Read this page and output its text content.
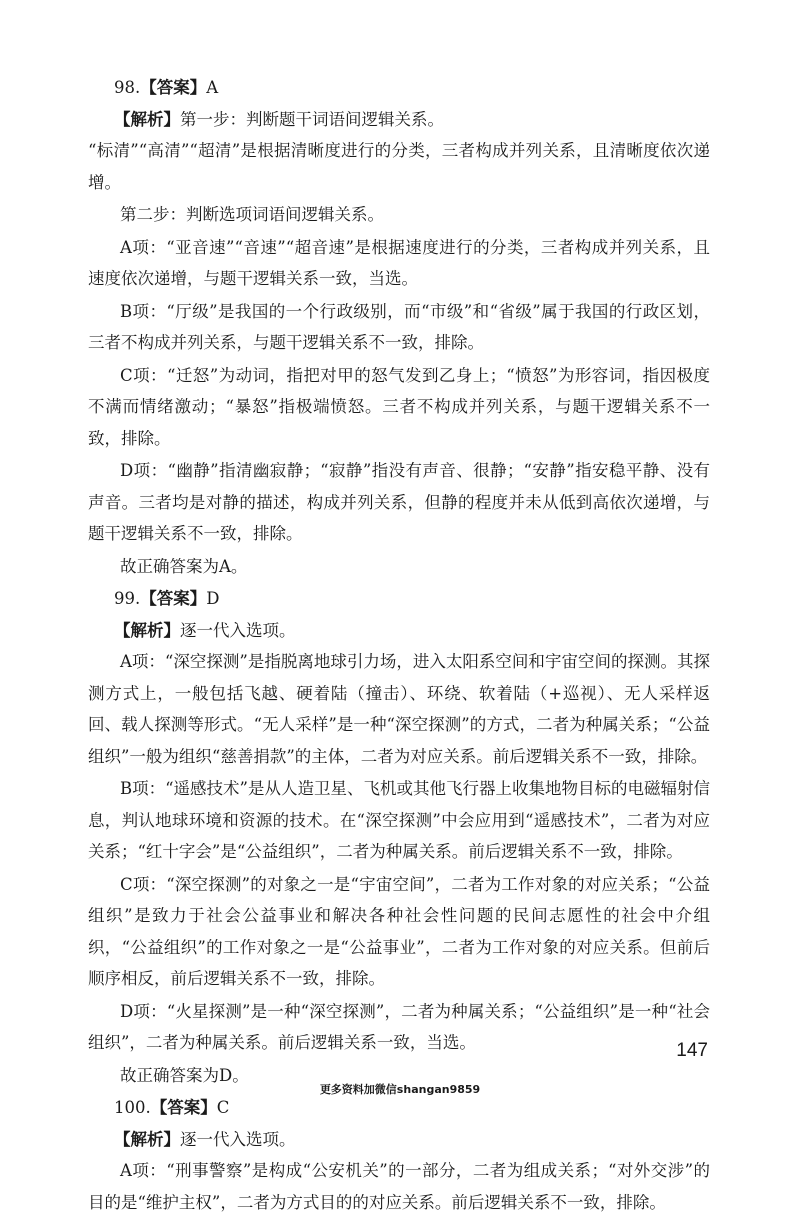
98.【答案】A

【解析】第一步：判断题干词语间逻辑关系。

“标清”“高清”“超清”是根据清晰度进行的分类，三者构成并列关系，且清晰度依次递增。

第二步：判断选项词语间逻辑关系。

A项：“亚音速”“音速”“超音速”是根据速度进行的分类，三者构成并列关系，且速度依次递增，与题干逻辑关系一致，当选。

B项：“厅级”是我国的一个行政级别，而“市级”和“省级”属于我国的行政区划，三者不构成并列关系，与题干逻辑关系不一致，排除。

C项：“迁怒”为动词，指把对甲的怒气发到乙身上；“愤怒”为形容词，指因极度不满而情绪激动；“暴怒”指极端愤怒。三者不构成并列关系，与题干逻辑关系不一致，排除。

D项：“幽静”指清幽寂静；“寂静”指没有声音、很静；“安静”指安稳平静、没有声音。三者均是对静的描述，构成并列关系，但静的程度并未从低到高依次递增，与题干逻辑关系不一致，排除。

故正确答案为A。

99.【答案】D

【解析】逐一代入选项。

A项：“深空探测”是指脱离地球引力场，进入太阳系空间和宇宙空间的探测。其探测方式上，一般包括飞越、硬着陆（撞击）、环绕、软着陆（+巡视）、无人采样返回、载人探测等形式。“无人采样”是一种“深空探测”的方式，二者为种属关系；“公益组织”一般为组织“慈善捐款”的主体，二者为对应关系。前后逻辑关系不一致，排除。

B项：“遥感技术”是从人造卫星、飞机或其他飞行器上收集地物目标的电磁辐射信息，判认地球环境和资源的技术。在“深空探测”中会应用到“遥感技术”，二者为对应关系；“红十字会”是“公益组织”，二者为种属关系。前后逻辑关系不一致，排除。

C项：“深空探测”的对象之一是“宇宙空间”，二者为工作对象的对应关系；“公益组织”是致力于社会公益事业和解决各种社会性问题的民间志愿性的社会中介组织，“公益组织”的工作对象之一是“公益事业”，二者为工作对象的对应关系。但前后顺序相反，前后逻辑关系不一致，排除。

D项：“火星探测”是一种“深空探测”，二者为种属关系；“公益组织”是一种“社会组织”，二者为种属关系。前后逻辑关系一致，当选。

故正确答案为D。

100.【答案】C

【解析】逐一代入选项。

A项：“刑事警察”是构成“公安机关”的一部分，二者为组成关系；“对外交涉”的目的是“维护主权”，二者为方式目的的对应关系。前后逻辑关系不一致，排除。

147
更多资料加微信shangan9859
